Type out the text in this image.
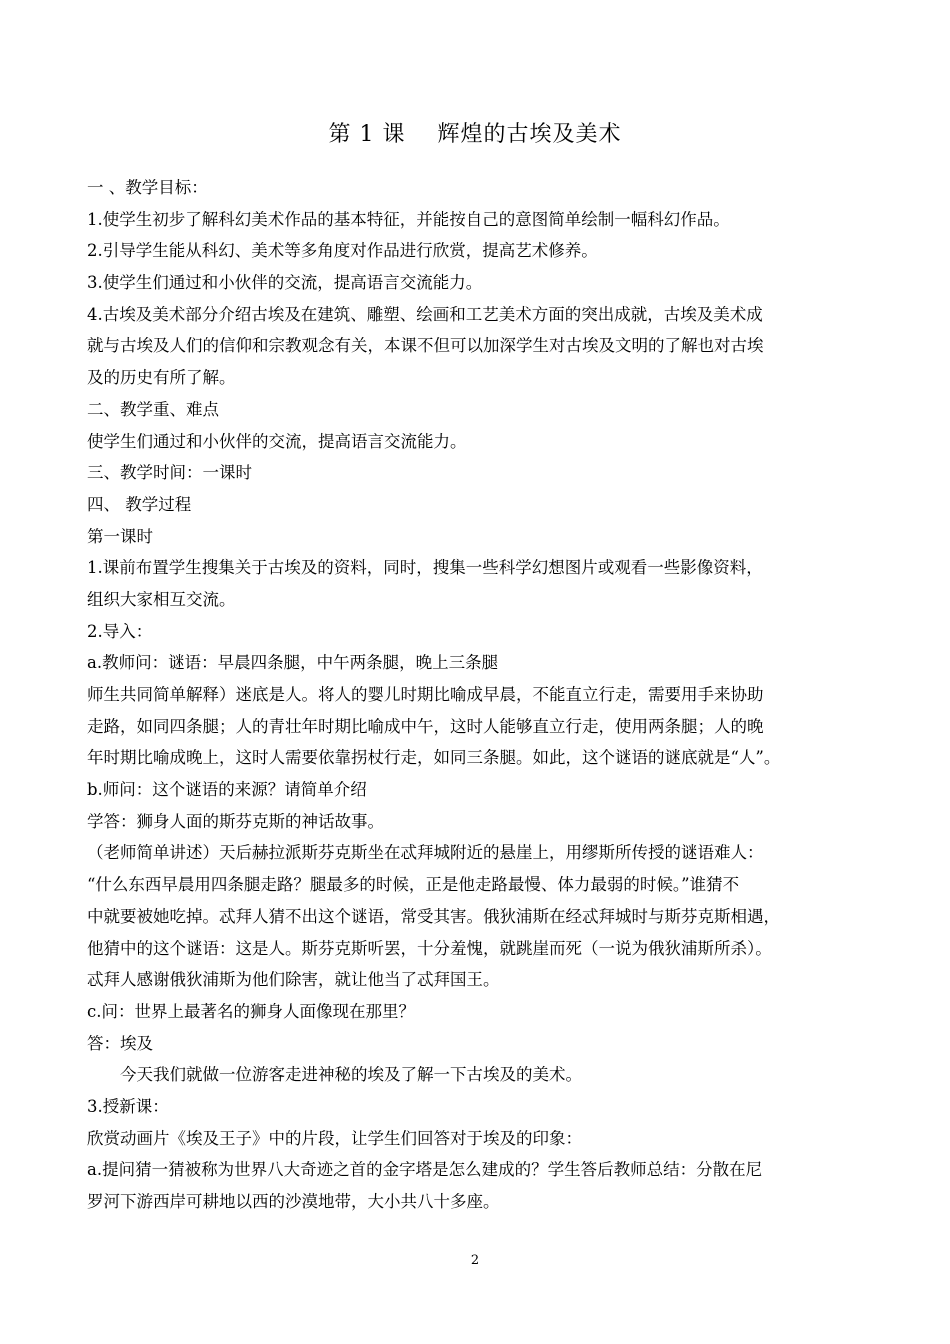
第 1 课    辉煌的古埃及美术
一 、教学目标：
1.使学生初步了解科幻美术作品的基本特征，并能按自己的意图简单绘制一幅科幻作品。
2.引导学生能从科幻、美术等多角度对作品进行欣赏，提高艺术修养。
3.使学生们通过和小伙伴的交流，提高语言交流能力。
4.古埃及美术部分介绍古埃及在建筑、雕塑、绘画和工艺美术方面的突出成就，古埃及美术成
就与古埃及人们的信仰和宗教观念有关，本课不但可以加深学生对古埃及文明的了解也对古埃
及的历史有所了解。
二、教学重、难点
使学生们通过和小伙伴的交流，提高语言交流能力。
三、教学时间：一课时
四、 教学过程
第一课时
1.课前布置学生搜集关于古埃及的资料，同时，搜集一些科学幻想图片或观看一些影像资料，
组织大家相互交流。
2.导入：
a.教师问：谜语：早晨四条腿，中午两条腿，晚上三条腿
师生共同简单解释）迷底是人。将人的婴儿时期比喻成早晨，不能直立行走，需要用手来协助
走路，如同四条腿；人的青壮年时期比喻成中午，这时人能够直立行走，使用两条腿；人的晚
年时期比喻成晚上，这时人需要依靠拐杖行走，如同三条腿。如此，这个谜语的谜底就是“人”。
b.师问：这个谜语的来源？请简单介绍
学答：狮身人面的斯芬克斯的神话故事。
（老师简单讲述）天后赫拉派斯芬克斯坐在忒拜城附近的悬崖上，用缪斯所传授的谜语难人：
“什么东西早晨用四条腿走路？腿最多的时候，正是他走路最慢、体力最弱的时候。”谁猜不
中就要被她吃掉。忒拜人猜不出这个谜语，常受其害。俄狄浦斯在经忒拜城时与斯芬克斯相遇，
他猜中的这个谜语：这是人。斯芬克斯听罢，十分羞愧，就跳崖而死（一说为俄狄浦斯所杀）。
忒拜人感谢俄狄浦斯为他们除害，就让他当了忒拜国王。
c.问：世界上最著名的狮身人面像现在那里？
答：埃及
今天我们就做一位游客走进神秘的埃及了解一下古埃及的美术。
3.授新课：
欣赏动画片《埃及王子》中的片段，让学生们回答对于埃及的印象：
a.提问猜一猜被称为世界八大奇迹之首的金字塔是怎么建成的？学生答后教师总结：分散在尼
罗河下游西岸可耕地以西的沙漠地带，大小共八十多座。
2
